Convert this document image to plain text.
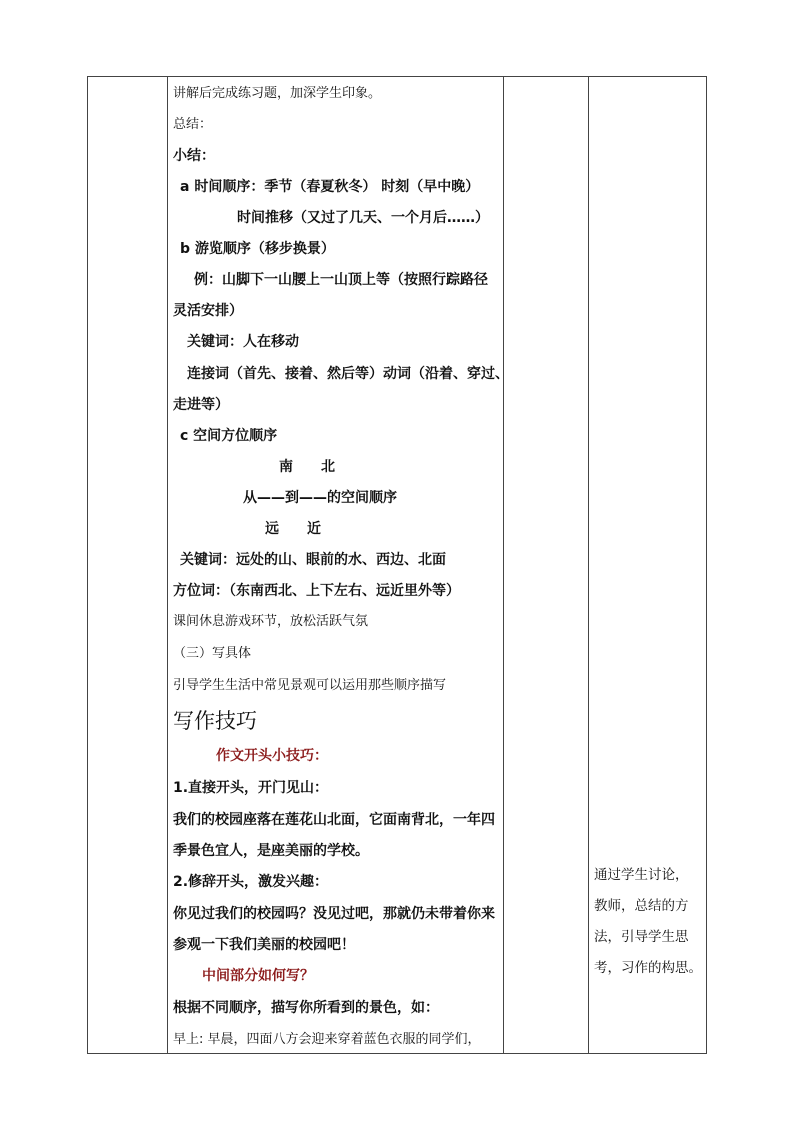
讲解后完成练习题，加深学生印象。
总结：
小结：
a 时间顺序：季节（春夏秋冬） 时刻（早中晚）
时间推移（又过了几天、一个月后……）
b 游览顺序（移步换景）
例：山脚下一山腰上一山顶上等（按照行踪路径
灵活安排）
关键词：人在移动
连接词（首先、接着、然后等）动词（沿着、穿过、
走进等）
c 空间方位顺序
南 北
从——到——的空间顺序
远 近
关键词：远处的山、眼前的水、西边、北面
方位词：（东南西北、上下左右、远近里外等）
课间休息游戏环节，放松活跃气氛
（三）写具体
引导学生生活中常见景观可以运用那些顺序描写
写作技巧
作文开头小技巧：
1.直接开头，开门见山：
我们的校园座落在莲花山北面，它面南背北，一年四
季景色宜人，是座美丽的学校。
2.修辞开头，激发兴趣：
你见过我们的校园吗？没见过吧，那就仍未带着你来
参观一下我们美丽的校园吧！
中间部分如何写？
根据不同顺序，描写你所看到的景色，如：
早上: 早晨，四面八方会迎来穿着蓝色衣服的同学们，
通过学生讨论，
教师，总结的方
法，引导学生思
考，习作的构思。
